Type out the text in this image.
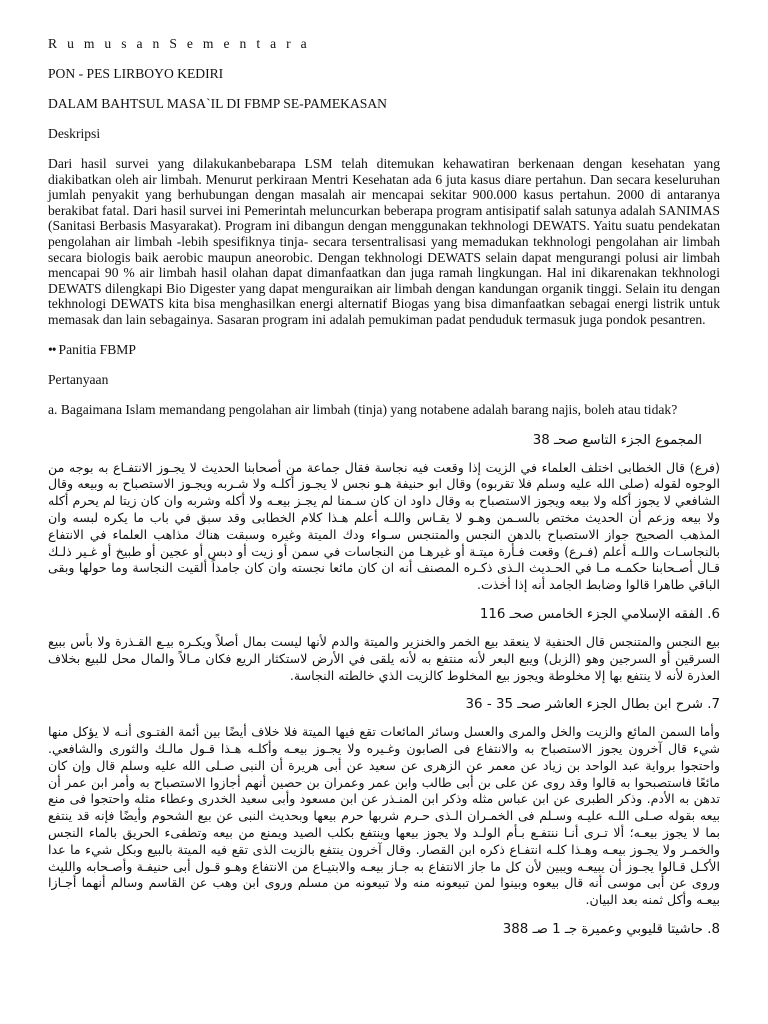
R u m u s a n S e m e n t a r a
PON - PES LIRBOYO KEDIRI
DALAM BAHTSUL MASA`IL DI FBMP SE-PAMEKASAN
Deskripsi

Dari hasil survei yang dilakukanbebarapa LSM telah ditemukan kehawatiran berkenaan dengan kesehatan yang diakibatkan oleh air limbah. Menurut perkiraan Mentri Kesehatan ada 6 juta kasus diare pertahun. Dan secara keseluruhan jumlah penyakit yang berhubungan dengan masalah air mencapai sekitar 900.000 kasus pertahun. 2000 di antaranya berakibat fatal. Dari hasil survei ini Pemerintah meluncurkan beberapa program antisipatif salah satunya adalah SANIMAS (Sanitasi Berbasis Masyarakat). Program ini dibangun dengan menggunakan tekhnologi DEWATS. Yaitu suatu pendekatan pengolahan air limbah -lebih spesifiknya tinja- secara tersentralisasi yang memadukan tekhnologi pengolahan air limbah secara biologis baik aerobic maupun aneorobic. Dengan tekhnologi DEWATS selain dapat mengurangi polusi air limbah mencapai 90 % air limbah hasil olahan dapat dimanfaatkan dan juga ramah lingkungan. Hal ini dikarenakan tekhnologi DEWATS dilengkapi Bio Digester yang dapat menguraikan air limbah dengan kandungan organik tinggi. Selain itu dengan tekhnologi DEWATS kita bisa menghasilkan energi alternatif Biogas yang bisa dimanfaatkan sebagai energi listrik untuk memasak dan lain sebagainya. Sasaran program ini adalah pemukiman padat penduduk termasuk juga pondok pesantren.

•• Panitia FBMP
Pertanyaan
a. Bagaimana Islam memandang pengolahan air limbah (tinja) yang notabene adalah barang najis, boleh atau tidak?
المجموع الجزء التاسع صحـ 38

(فرع) قال الخطابى اختلف العلماء في الزيت إذا وقعت فيه نجاسة فقال جماعة من أصحابنا الحديث لا يجـوز الانتفـاع به بوجه من الوجوه لقوله (صلى الله عليه وسلم فلا تقربوه) وقال ابو حنيفة هـو نجس لا يجـوز أكلـه ولا شـربه ويجـوز الاستصباح به وبيعه وقال الشافعي لا يجوز أكله ولا بيعه ويجوز الاستصباح به وقال داود ان كان سـمنا لم يجـز بيعـه ولا أكله وشربه وان كان زيتا لم يحرم أكله ولا بيعه وزعم أن الحديث مختص بالسـمن وهـو لا يقـاس واللـه أعلم هـذا كلام الخطابى وقد سبق في باب ما يكره لبسه وان المذهب الصحيح جواز الاستصباح بالدهن النجس والمتنجس سـواء ودك الميتة وغيره وسبقت هناك مذاهب العلماء في الانتفاع بالنجاسـات واللـه أعلم (فـرع) وقعت فـأرة ميتـة أو غيرهـا من النجاسات في سمن أو زيت أو دبس أو عجين أو طبيخ أو غـير ذلـك قـال أصـحابنا حكمـه مـا في الحـديث الـذى ذكـره المصنف أنه ان كان مائعا نجسته وان كان جامداً ألقيت النجاسة وما حولها وبقى الباقي طاهرا قالوا وضابط الجامد أنه إذا أخذت.

6. الفقه الإسلامي الجزء الخامس صحـ 116

بيع النجس والمتنجس قال الحنفية لا ينعقد بيع الخمر والخنزير والميتة والدم لأنها ليست بمال أصلاً ويكـره بيـع القـذرة ولا بأس ببيع السرقين أو السرجين وهو (الزبل) ويبع البعر لأنه منتفع به لأنه يلقى في الأرض لاستكثار الريع فكان مـالاً والمال محل للبيع بخلاف العذرة لأنه لا ينتفع بها إلا مخلوطة ويجوز بيع المخلوط كالزيت الذي خالطته النجاسة.

7. شرح ابن بطال الجزء العاشر صحـ 35 - 36

وأما السمن المائع والزيت والخل والمرى والعسل وسائر المائعات تقع فيها الميتة فلا خلاف أيضًا بين أئمة الفتـوى أنـه لا يؤكل منها شيء قال آخرون يجوز الاستصباح به والانتفاع فى الصابون وغـيره ولا يجـوز بيعـه وأكلـه هـذا قـول مالـك والثورى والشافعي. واحتجوا برواية عبد الواحد بن زياد عن معمر عن الزهرى عن سعيد عن أبى هريرة أن النبى صـلى الله عليه وسلم قال وإن كان مائعًا فاستصبحوا به قالوا وقد روى عن على بن أبى طالب وابن عمر وعمران بن حصين أنهم أجازوا الاستصباح به وأمر ابن عمر أن تدهن به الأدم. وذكر الطبرى عن ابن عباس مثله وذكر ابن المنـذر عن ابن مسعود وأبى سعيد الخدرى وعطاء مثله واحتجوا فى منع بيعه بقوله صـلى اللـه عليـه وسـلم فى الخمـران الـذى حـرم شربها حرم بيعها وبحديث النبى عن بيع الشحوم وأيضًا فإنه قد ينتفع بما لا يجوز بيعـه؛ ألا تـرى أنـا ننتفـع بـأم الولـد ولا يجوز بيعها وينتفع بكلب الصيد ويمنع من بيعه وتطفىء الحريق بالماء النجس والخمـر ولا يجـوز بيعـه وهـذا كلـه انتفـاع ذكره ابن القصار. وقال آخرون ينتفع بالزيت الذى تقع فيه الميتة بالبيع وبكل شيء ما عدا الأكـل قـالوا يجـوز أن يبيعـه ويبين لأن كل ما جاز الانتفاع به جـاز بيعـه والابتيـاع من الانتفاع وهـو قـول أبى حنيفـة وأصـحابه والليث وروى عن أبى موسى أنه قال بيعوه وبينوا لمن تبيعونه منه ولا تبيعونه من مسلم وروى ابن وهب عن القاسم وسالم أنهما أجـازا بيعـه وأكل ثمنه بعد البيان.

8. حاشيتا قليوبي وعميرة جـ 1 صـ 388
